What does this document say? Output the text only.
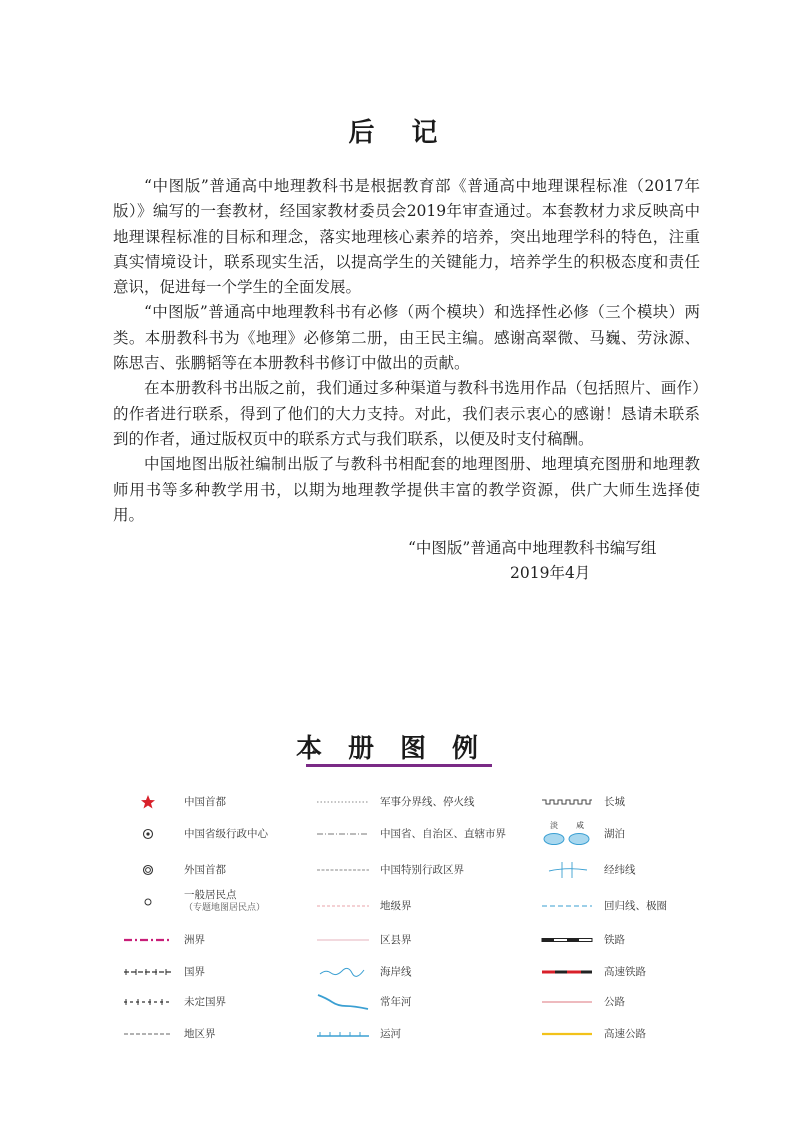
后 记

“中图版”普通高中地理教科书是根据教育部《普通高中地理课程标准（2017年版）》编写的一套教材，经国家教材委员会2019年审查通过。本套教材力求反映高中地理课程标准的目标和理念，落实地理核心素养的培养，突出地理学科的特色，注重真实情境设计，联系现实生活，以提高学生的关键能力，培养学生的积极态度和责任意识，促进每一个学生的全面发展。

“中图版”普通高中地理教科书有必修（两个模块）和选择性必修（三个模块）两类。本册教科书为《地理》必修第二册，由王民主编。感谢高翠微、马巍、劳泳源、陈思吉、张鹏韬等在本册教科书修订中做出的贡献。

在本册教科书出版之前，我们通过多种渠道与教科书选用作品（包括照片、画作）的作者进行联系，得到了他们的大力支持。对此，我们表示衷心的感谢！恳请未联系到的作者，通过版权页中的联系方式与我们联系，以便及时支付稿酬。

中国地图出版社编制出版了与教科书相配套的地理图册、地理填充图册和地理教师用书等多种教学用书，以期为地理教学提供丰富的教学资源，供广大师生选择使用。

“中图版”普通高中地理教科书编写组
2019年4月
本册图例
中国首都
中国省级行政中心
外国首都
一般居民点
（专题地图居民点）
洲界
国界
未定国界
地区界
军事分界线、停火线
中国省、自治区、直辖市界
中国特别行政区界
地级界
区县界
海岸线
常年河
运河
长城
淡 咸
湖泊
经纬线
回归线、极圈
铁路
高速铁路
公路
高速公路
